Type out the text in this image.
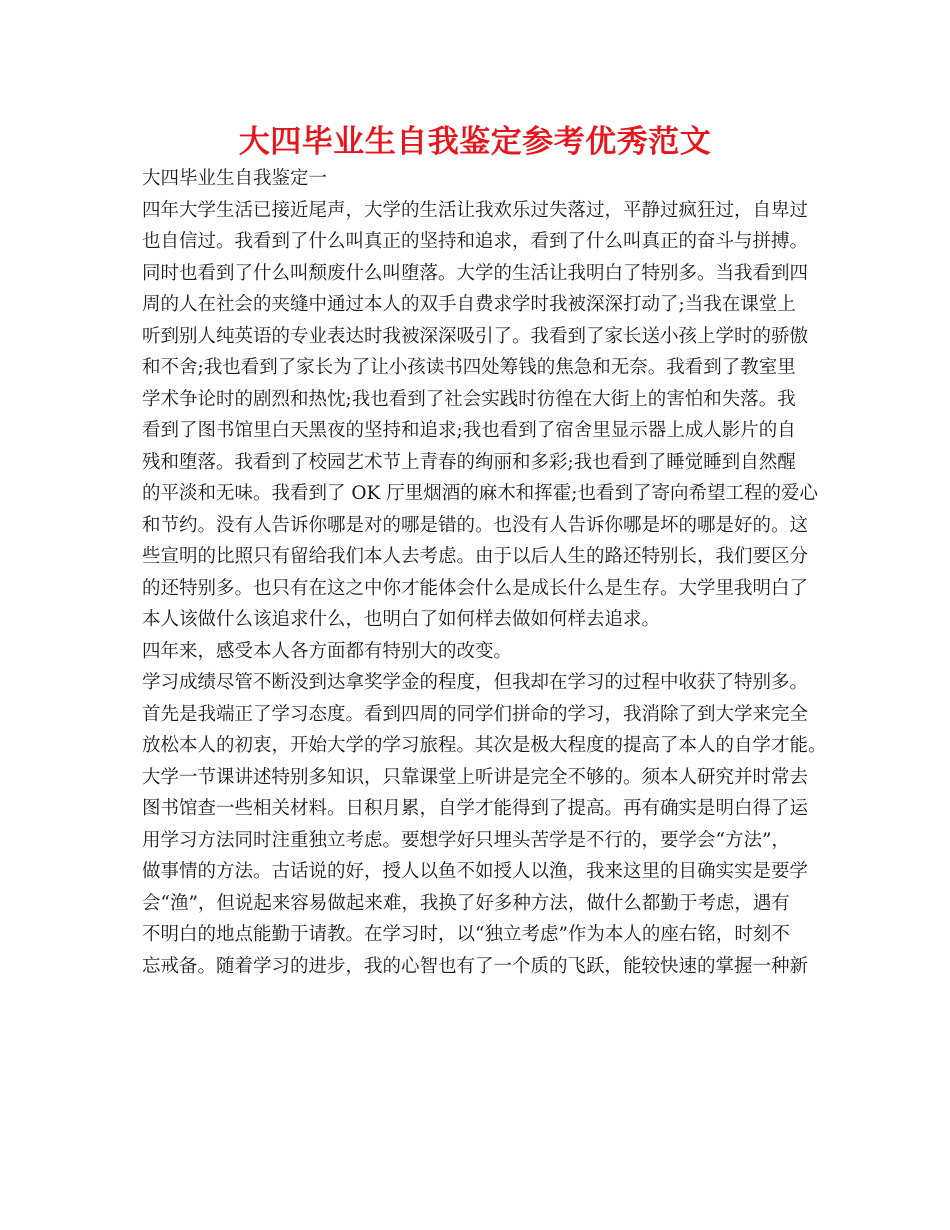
大四毕业生自我鉴定参考优秀范文
大四毕业生自我鉴定一
四年大学生活已接近尾声，大学的生活让我欢乐过失落过，平静过疯狂过，自卑过
也自信过。我看到了什么叫真正的坚持和追求，看到了什么叫真正的奋斗与拼搏。
同时也看到了什么叫颓废什么叫堕落。大学的生活让我明白了特别多。当我看到四
周的人在社会的夹缝中通过本人的双手自费求学时我被深深打动了;当我在课堂上
听到别人纯英语的专业表达时我被深深吸引了。我看到了家长送小孩上学时的骄傲
和不舍;我也看到了家长为了让小孩读书四处筹钱的焦急和无奈。我看到了教室里
学术争论时的剧烈和热忱;我也看到了社会实践时彷徨在大街上的害怕和失落。我
看到了图书馆里白天黑夜的坚持和追求;我也看到了宿舍里显示器上成人影片的自
残和堕落。我看到了校园艺术节上青春的绚丽和多彩;我也看到了睡觉睡到自然醒
的平淡和无味。我看到了 OK 厅里烟酒的麻木和挥霍;也看到了寄向希望工程的爱心
和节约。没有人告诉你哪是对的哪是错的。也没有人告诉你哪是坏的哪是好的。这
些宣明的比照只有留给我们本人去考虑。由于以后人生的路还特别长，我们要区分
的还特别多。也只有在这之中你才能体会什么是成长什么是生存。大学里我明白了
本人该做什么该追求什么，也明白了如何样去做如何样去追求。
四年来，感受本人各方面都有特别大的改变。
学习成绩尽管不断没到达拿奖学金的程度，但我却在学习的过程中收获了特别多。
首先是我端正了学习态度。看到四周的同学们拼命的学习，我消除了到大学来完全
放松本人的初衷，开始大学的学习旅程。其次是极大程度的提高了本人的自学才能。
大学一节课讲述特别多知识，只靠课堂上听讲是完全不够的。须本人研究并时常去
图书馆查一些相关材料。日积月累，自学才能得到了提高。再有确实是明白得了运
用学习方法同时注重独立考虑。要想学好只埋头苦学是不行的，要学会“方法”，
做事情的方法。古话说的好，授人以鱼不如授人以渔，我来这里的目确实实是要学
会“渔”，但说起来容易做起来难，我换了好多种方法，做什么都勤于考虑，遇有
不明白的地点能勤于请教。在学习时，以“独立考虑”作为本人的座右铭，时刻不
忘戒备。随着学习的进步，我的心智也有了一个质的飞跃，能较快速的掌握一种新
